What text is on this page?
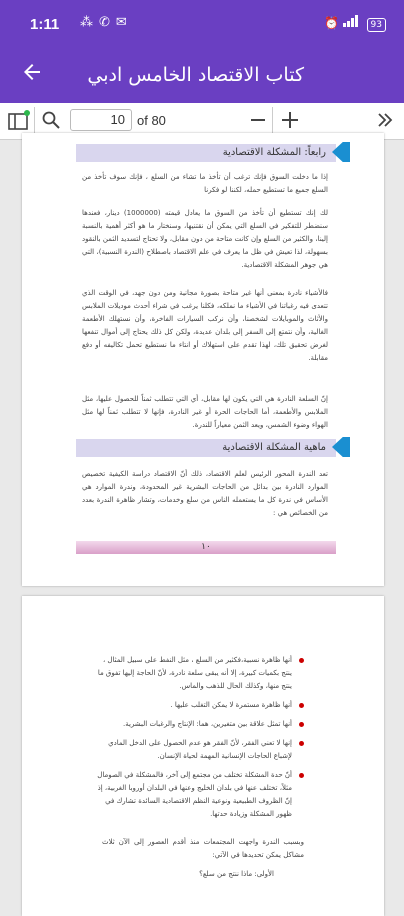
1:11 ⁂✆✉	⏰	93
كتاب الاقتصاد الخامس ادبي
10 of 80
رابعاً: المشكلة الاقتصادية
إذا ما دخلت السوق فإنك ترغب أن تأخذ ما تشاء من السلع ، فإنك سوف تأخذ من السلع جميع ما تستطيع حمله، لكننا لو فكرنا
لك إنك تستطيع أن تأخذ من السوق ما يعادل قيمته (1000000) دينار، فعندها سنضطر للتفكير في السلع التي يمكن أن نقتنيها، وسنختار ما هو أكثر أهمية بالنسبة إلينا، والكثير من السلع وإن كانت متاحة من دون مقابل، ولا تحتاج لتسديد الثمن بالنقود بسهولة، لذا تعيش في ظل ما يعرف في علم الاقتصاد باصطلاح (الندرة النسبية)، التي هي جوهر المشكلة الاقتصادية.
فالأشياء نادرة بمعنى أنها غير متاحة بصورة مجانية ومن دون جهد، في الوقت الذي تتعدى فيه رغباتنا في الأشياء ما نملكه، فكلنا يرغب في شراء أحدث موديلات الملابس والأثاث والموبايلات لشخصنا، وأن نركب السيارات الفاخرة، وأن نستهلك الأطعمة الغالية، وأن نتمتع إلى السفر إلى بلدان عديدة، ولكن كل ذلك يحتاج إلى أموال تنفعها لغرض تحقيق تلك، لهذا تقدم على استهلاك أو انتاء ما نستطيع تحمل تكاليفه أو دفع مقابلة.
إنّ السلعة النادرة هي التي يكون لها مقابل، أي التي تتطلب ثمناً للحصول عليها، مثل الملابس والأطعمة، أما الحاجات الحرة أو غير النادرة، فإنها لا تتطلب ثمناً لها مثل الهواء وضوء الشمس، ويعد الثمن معياراً للندرة.
ماهية المشكلة الاقتصادية
تعد الندرة المحور الرئيس لعلم الاقتصاد، ذلك أنّ الاقتصاد دراسة الكيفية تخصيص الموارد النادرة بين بدائل من الحاجات البشرية غير المحدودة، وندرة الموارد هي الأساس في ندرة كل ما يستعمله الناس من سلع وخدمات، وتشار ظاهرة الندرة بعدد من الخصائص هي :
١٠
أنها ظاهرة نسبية،فكثير من السلع ، مثل النفط على سبيل المثال ، ينتج بكميات كبيرة، إلا أنه يبقى سلعة نادرة، لأنّ الحاجة إليها تفوق ما ينتج منها، وكذلك الحال للذهب والماس.
أنها ظاهرة مستمرة لا يمكن التغلب عليها .
أنها تمثل علاقة بين متغيرين، هما: الإنتاج والرغبات البشرية.
إنها لا تعني الفقر، لأنّ الفقر هو عدم الحصول على الدخل المادي لإشباع الحاجات الإنسانية المهمة لحياة الإنسان.
أنّ حدة المشكلة تختلف من مجتمع إلى آخر، فالمشكلة في الصومال مثلاً، تختلف عنها في بلدان الخليج وعنها في البلدان أوروبا الغربية، إذ إنّ الظروف الطبيعية ونوعية النظم الاقتصادية السائدة تشارك في ظهور المشكلة وزيادة حدتها.
وبسبب الندرة واجهت المجتمعات منذ أقدم العصور إلى الآن ثلاث مشاكل يمكن تحديدها في الآتي:
الأولى: ماذا ننتج من سلع؟
